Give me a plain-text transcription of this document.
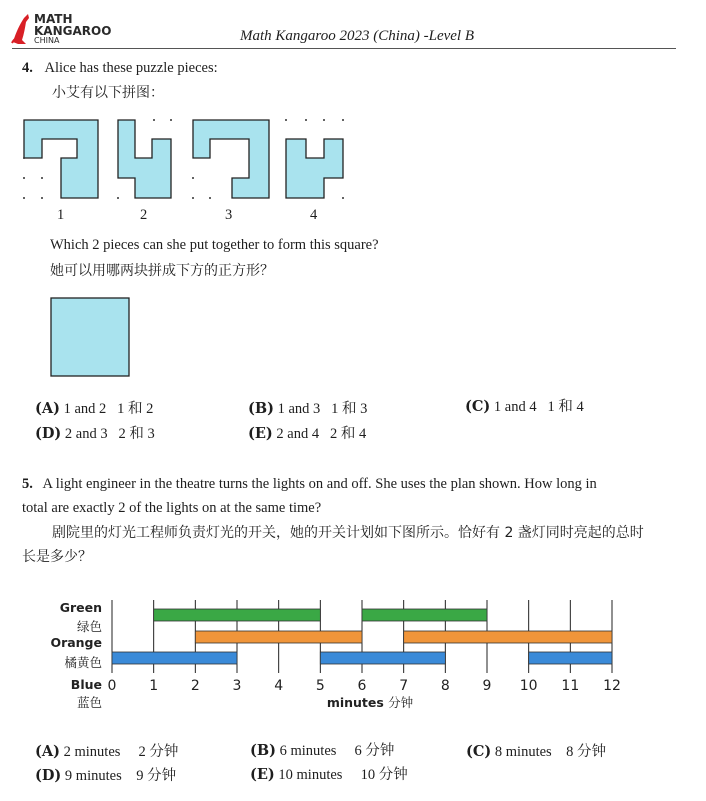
MATH
KANGAROO
CHINA	Math Kangaroo 2023 (China) -Level B
4. Alice has these puzzle pieces:
小艾有以下拼图：
1	2	3	4
Which 2 pieces can she put together to form this square?
她可以用哪两块拼成下方的正方形？
(A) 1 and 2   1 和 2	(B) 1 and 3   1 和 3	(C) 1 and 4   1 和 4
(D) 2 and 3   2 和 3	(E) 2 and 4   2 和 4
5. A light engineer in the theatre turns the lights on and off. She uses the plan shown. How long in
total are exactly 2 of the lights on at the same time?
剧院里的灯光工程师负责灯光的开关，她的开关计划如下图所示。恰好有 2 盏灯同时亮起的总时
长是多少？
0 1 2 3 4 5 6 7 8 9 10 11 12
Green
绿色
Orange
橘黄色
Blue
蓝色	minutes 分钟
(A) 2 minutes     2 分钟	(B) 6 minutes     6 分钟	(C) 8 minutes    8 分钟
(D) 9 minutes    9 分钟	(E) 10 minutes     10 分钟
